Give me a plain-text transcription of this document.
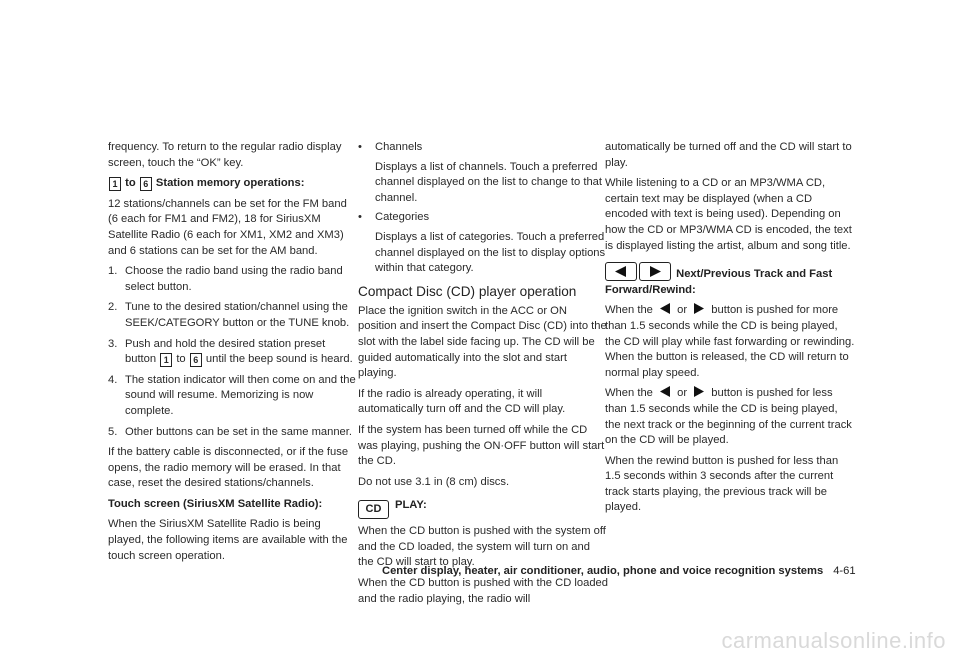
frequency. To return to the regular radio display screen, touch the “OK” key.

1 to 6 Station memory operations:

12 stations/channels can be set for the FM band (6 each for FM1 and FM2), 18 for SiriusXM Satellite Radio (6 each for XM1, XM2 and XM3) and 6 stations can be set for the AM band.

1. Choose the radio band using the radio band select button.
2. Tune to the desired station/channel using the SEEK/CATEGORY button or the TUNE knob.
3. Push and hold the desired station preset button 1 to 6 until the beep sound is heard.
4. The station indicator will then come on and the sound will resume. Memorizing is now complete.
5. Other buttons can be set in the same manner.

If the battery cable is disconnected, or if the fuse opens, the radio memory will be erased. In that case, reset the desired stations/channels.

Touch screen (SiriusXM Satellite Radio):

When the SiriusXM Satellite Radio is being played, the following items are available with the touch screen operation.

• Channels
Displays a list of channels. Touch a preferred channel displayed on the list to change to that channel.
• Categories
Displays a list of categories. Touch a preferred channel displayed on the list to display options within that category.
Compact Disc (CD) player operation

Place the ignition switch in the ACC or ON position and insert the Compact Disc (CD) into the slot with the label side facing up. The CD will be guided automatically into the slot and start playing.

If the radio is already operating, it will automatically turn off and the CD will play.

If the system has been turned off while the CD was playing, pushing the ON·OFF button will start the CD.

Do not use 3.1 in (8 cm) discs.

CD PLAY:

When the CD button is pushed with the system off and the CD loaded, the system will turn on and the CD will start to play.

When the CD button is pushed with the CD loaded and the radio playing, the radio will

automatically be turned off and the CD will start to play.

While listening to a CD or an MP3/WMA CD, certain text may be displayed (when a CD encoded with text is being used). Depending on how the CD or MP3/WMA CD is encoded, the text is displayed listing the artist, album and song title.

Next/Previous Track and Fast Forward/Rewind:

When the or button is pushed for more than 1.5 seconds while the CD is being played, the CD will play while fast forwarding or rewinding. When the button is released, the CD will return to normal play speed.

When the or button is pushed for less than 1.5 seconds while the CD is being played, the next track or the beginning of the current track on the CD will be played.

When the rewind button is pushed for less than 1.5 seconds within 3 seconds after the current track starts playing, the previous track will be played.

Center display, heater, air conditioner, audio, phone and voice recognition systems 4-61
carmanualsonline.info
